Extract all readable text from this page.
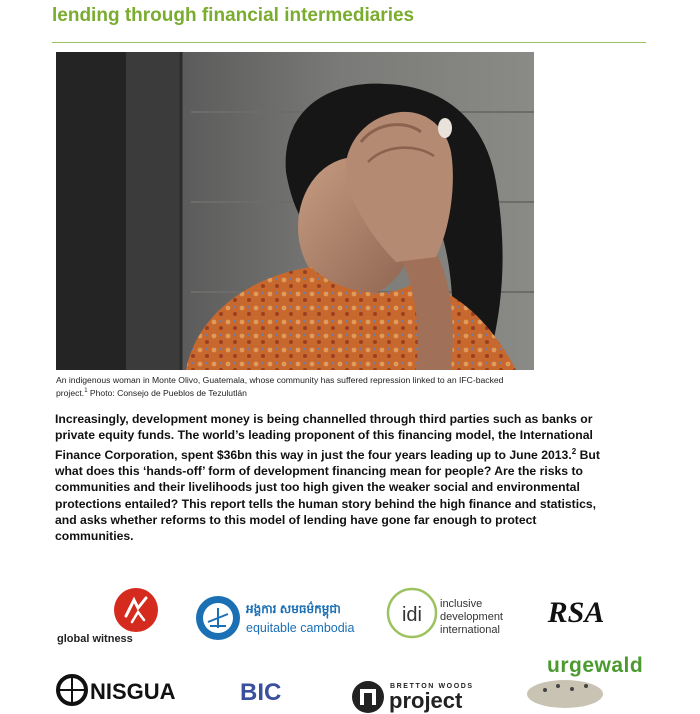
lending through financial intermediaries
An indigenous woman in Monte Olivo, Guatemala, whose community has suffered repression linked to an IFC-backed project.$^1$ Photo: Consejo de Pueblos de Tezulutlán
Increasingly, development money is being channelled through third parties such as banks or private equity funds. The world’s leading proponent of this financing model, the International Finance Corporation, spent $36bn this way in just the four years leading up to June 2013.$^2$ But what does this ‘hands-off’ form of development financing mean for people? Are the risks to communities and their livelihoods just too high given the weaker social and environmental protections entailed? This report tells the human story behind the high finance and statistics, and asks whether reforms to this model of lending have gone far enough to protect communities.
global witness
អង្គការ សមធម៌កម្ពុជា
equitable cambodia
idi inclusive
development
international
RSA
urgewald
NISGUA	BIC	BRETTON WOODS
project
